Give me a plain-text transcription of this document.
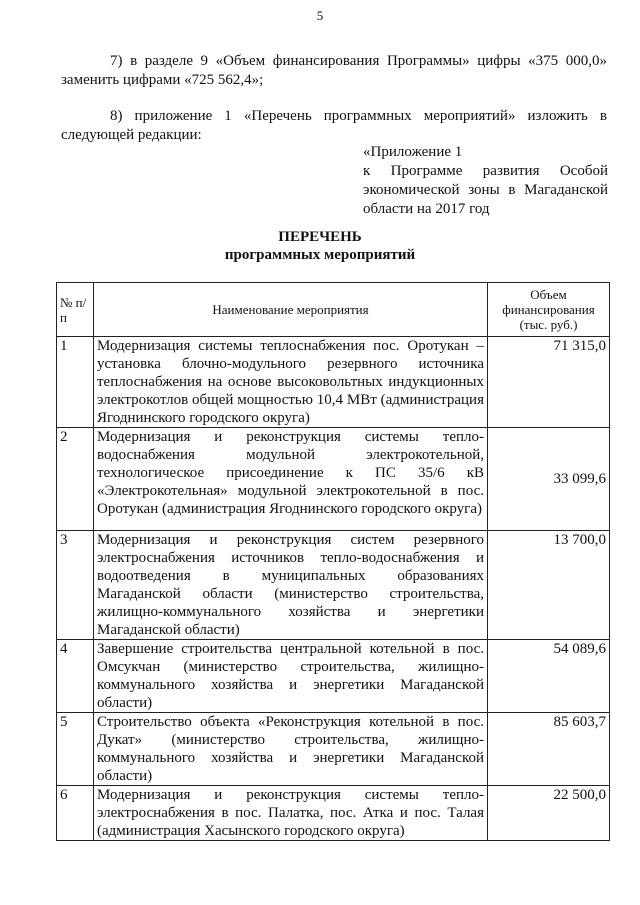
5

7) в разделе 9 «Объем финансирования Программы» цифры «375 000,0» заменить цифрами «725 562,4»;

8) приложение 1 «Перечень программных мероприятий» изложить в следующей редакции:

«Приложение 1
к Программе развития Особой экономической зоны в Магаданской области на 2017 год
ПЕРЕЧЕНЬ
программных мероприятий
№ п/п	Наименование мероприятия	Объем финансирования (тыс. руб.)
1	Модернизация системы теплоснабжения пос. Оротукан – установка блочно-модульного резервного источника теплоснабжения на основе высоковольтных индукционных электрокотлов общей мощностью 10,4 МВт (администрация Ягоднинского городского округа)	71 315,0
2	Модернизация и реконструкция системы тепло-водоснабжения модульной электрокотельной, технологическое присоединение к ПС 35/6 кВ «Электрокотельная» модульной электрокотельной в пос. Оротукан (администрация Ягоднинского городского округа)	33 099,6
3	Модернизация и реконструкция систем резервного электроснабжения источников тепло-водоснабжения и водоотведения в муниципальных образованиях Магаданской области (министерство строительства, жилищно-коммунального хозяйства и энергетики Магаданской области)	13 700,0
4	Завершение строительства центральной котельной в пос. Омсукчан (министерство строительства, жилищно-коммунального хозяйства и энергетики Магаданской области)	54 089,6
5	Строительство объекта «Реконструкция котельной в пос. Дукат» (министерство строительства, жилищно-коммунального хозяйства и энергетики Магаданской области)	85 603,7
6	Модернизация и реконструкция системы тепло-электроснабжения в пос. Палатка, пос. Атка и пос. Талая (администрация Хасынского городского округа)	22 500,0
